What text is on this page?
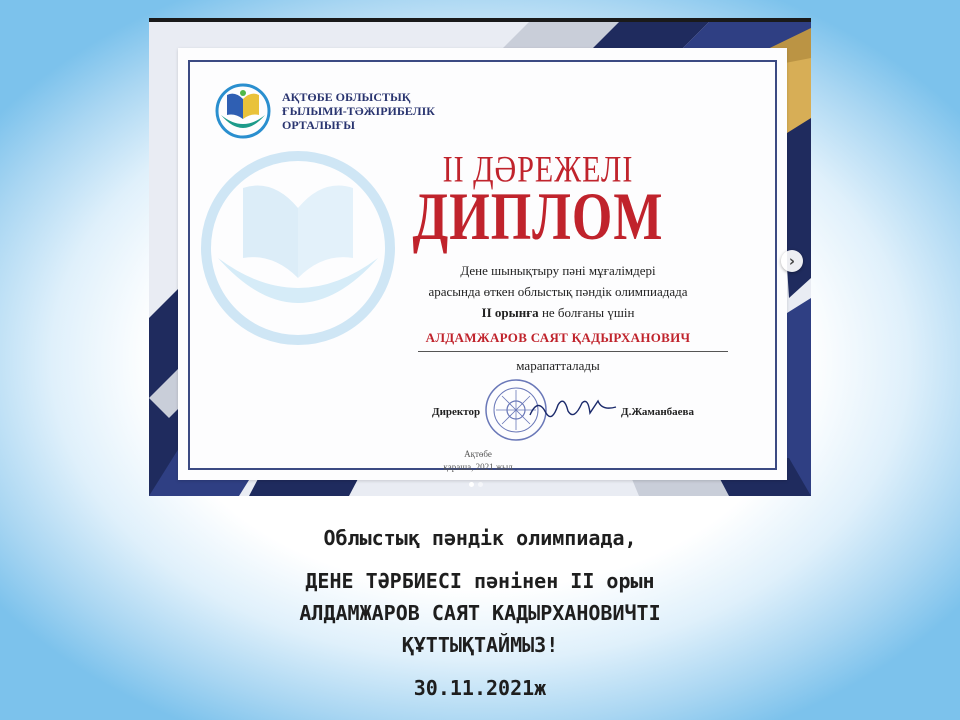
АҚТӨБЕ ОБЛЫСТЫҚ
ҒЫЛЫМИ-ТӘЖІРИБЕЛІК
ОРТАЛЫҒЫ
II ДӘРЕЖЕЛІ
ДИПЛОМ
Дене шынықтыру пәні мұғалімдері
арасында өткен облыстық пәндік олимпиадада
II орынға не болғаны үшін
АЛДАМЖАРОВ САЯТ ҚАДЫРХАНОВИЧ
марапатталады
Директор	Д.Жаманбаева
Ақтөбе
қараша, 2021 жыл
›
Облыстық пәндік олимпиада,
ДЕНЕ ТӘРБИЕСІ пәнінен II орын
АЛДАМЖАРОВ САЯТ КАДЫРХАНОВИЧТІ
ҚҰТТЫҚТАЙМЫЗ!
30.11.2021ж
